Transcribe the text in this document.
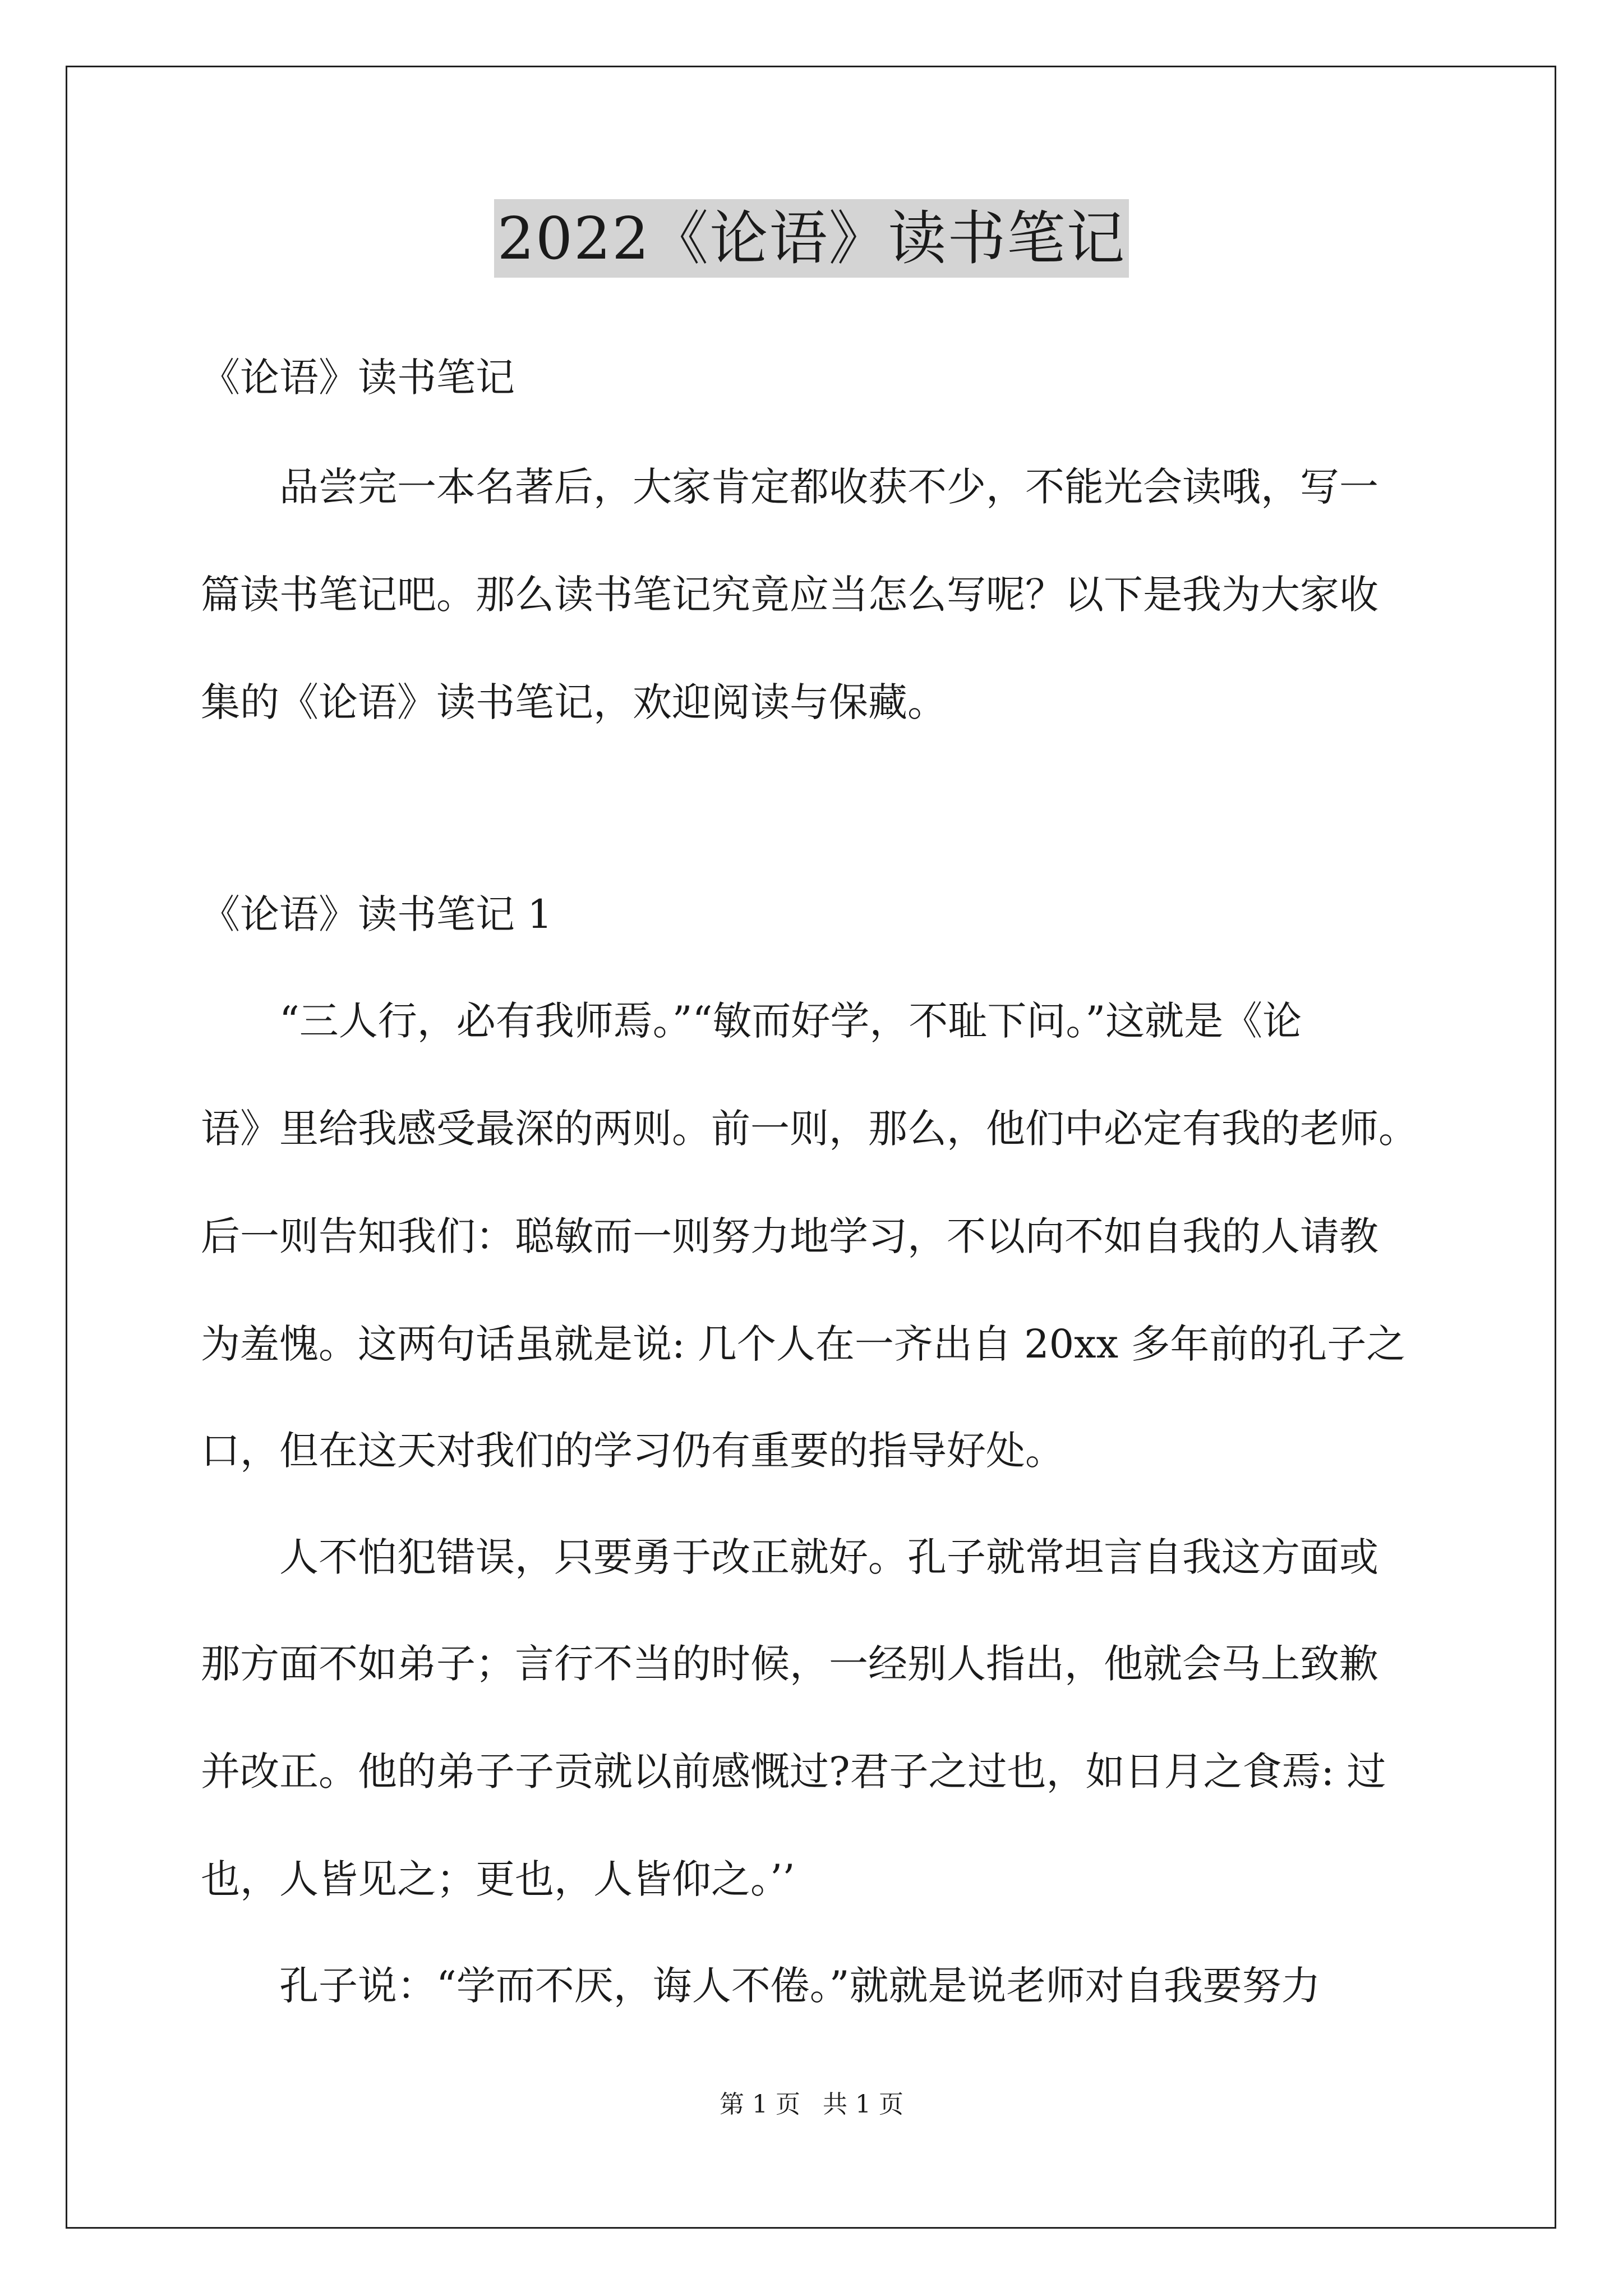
2022《论语》读书笔记
《论语》读书笔记
　　品尝完一本名著后，大家肯定都收获不少，不能光会读哦，写一
篇读书笔记吧。那么读书笔记究竟应当怎么写呢？以下是我为大家收
集的《论语》读书笔记，欢迎阅读与保藏。
《论语》读书笔记 1
　　“三人行，必有我师焉。”“敏而好学，不耻下问。”这就是《论
语》里给我感受最深的两则。前一则，那么，他们中必定有我的老师。
后一则告知我们：聪敏而一则努力地学习，不以向不如自我的人请教
为羞愧。这两句话虽就是说: 几个人在一齐出自 20xx 多年前的孔子之
口，但在这天对我们的学习仍有重要的指导好处。
　　人不怕犯错误，只要勇于改正就好。孔子就常坦言自我这方面或
那方面不如弟子；言行不当的时候，一经别人指出，他就会马上致歉
并改正。他的弟子子贡就以前感慨过?君子之过也，如日月之食焉: 过
也，人皆见之；更也，人皆仰之。’’
　　孔子说：“学而不厌，诲人不倦。”就就是说老师对自我要努力
第 1 页 共 1 页
